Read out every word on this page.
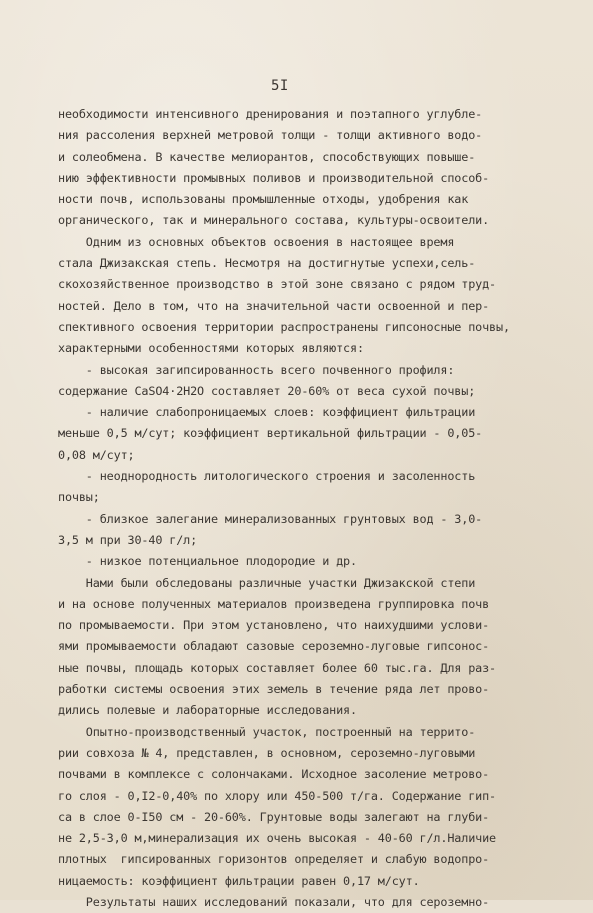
5I
необходимости интенсивного дренирования и поэтапного углубле-
ния рассоления верхней метровой толщи - толщи активного водо-
и солеобмена. В качестве мелиорантов, способствующих повыше-
нию эффективности промывных поливов и производительной способ-
ности почв, использованы промышленные отходы, удобрения как
органического, так и минерального состава, культуры-освоители.
Одним из основных объектов освоения в настоящее время
стала Джизакская степь. Несмотря на достигнутые успехи,сель-
скохозяйственное производство в этой зоне связано с рядом труд-
ностей. Дело в том, что на значительной части освоенной и пер-
спективного освоения территории распространены гипсоносные почвы,
характерными особенностями которых являются:
- высокая загипсированность всего почвенного профиля:
содержание CaSO4·2H2O составляет 20-60% от веса сухой почвы;
- наличие слабопроницаемых слоев: коэффициент фильтрации
меньше 0,5 м/сут; коэффициент вертикальной фильтрации - 0,05-
0,08 м/сут;
- неоднородность литологического строения и засоленность
почвы;
- близкое залегание минерализованных грунтовых вод - 3,0-
3,5 м при 30-40 г/л;
- низкое потенциальное плодородие и др.
Нами были обследованы различные участки Джизакской степи
и на основе полученных материалов произведена группировка почв
по промываемости. При этом установлено, что наихудшими услови-
ями промываемости обладают сазовые сероземно-луговые гипсонос-
ные почвы, площадь которых составляет более 60 тыс.га. Для раз-
работки системы освоения этих земель в течение ряда лет прово-
дились полевые и лабораторные исследования.
Опытно-производственный участок, построенный на террито-
рии совхоза № 4, представлен, в основном, сероземно-луговыми
почвами в комплексе с солончаками. Исходное засоление метрово-
го слоя - 0,I2-0,40% по хлору или 450-500 т/га. Содержание гип-
са в слое 0-I50 см - 20-60%. Грунтовые воды залегают на глуби-
не 2,5-3,0 м,минерализация их очень высокая - 40-60 г/л.Наличие
плотных  гипсированных горизонтов определяет и слабую водопро-
ницаемость: коэффициент фильтрации равен 0,17 м/сут.
Результаты наших исследований показали, что для сероземно-
